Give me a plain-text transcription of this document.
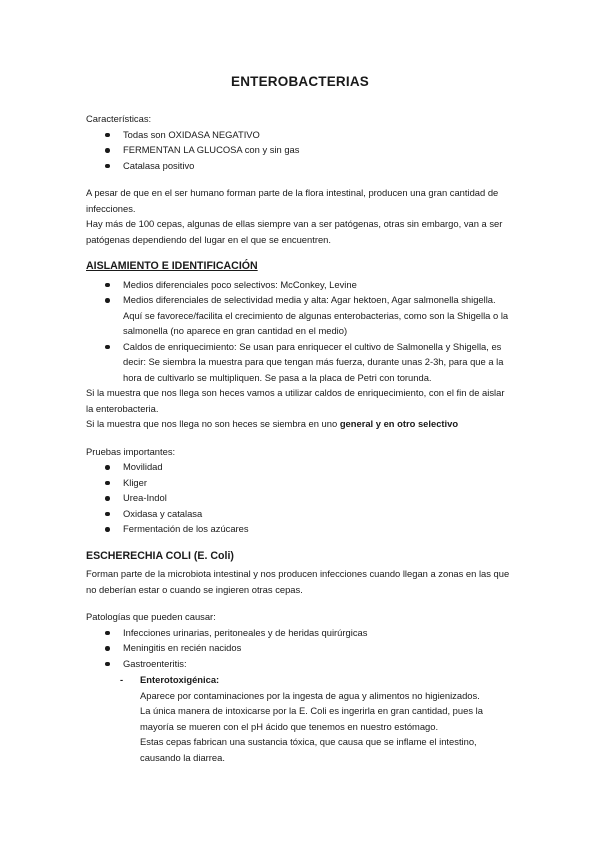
ENTEROBACTERIAS

Características:

Todas son OXIDASA NEGATIVO
FERMENTAN LA GLUCOSA con y sin gas
Catalasa positivo

A pesar de que en el ser humano forman parte de la flora intestinal, producen una gran cantidad de infecciones.

Hay más de 100 cepas, algunas de ellas siempre van a ser patógenas, otras sin embargo, van a ser patógenas dependiendo del lugar en el que se encuentren.

AISLAMIENTO E IDENTIFICACIÓN

Medios diferenciales poco selectivos: McConkey, Levine
Medios diferenciales de selectividad media y alta: Agar hektoen, Agar salmonella shigella. Aquí se favorece/facilita el crecimiento de algunas enterobacterias, como son la Shigella o la salmonella (no aparece en gran cantidad en el medio)
Caldos de enriquecimiento: Se usan para enriquecer el cultivo de Salmonella y Shigella, es decir: Se siembra la muestra para que tengan más fuerza, durante unas 2-3h, para que a la hora de cultivarlo se multipliquen. Se pasa a la placa de Petri con torunda.

Si la muestra que nos llega son heces vamos a utilizar caldos de enriquecimiento, con el fin de aislar la enterobacteria.

Si la muestra que nos llega no son heces se siembra en uno general y en otro selectivo

Pruebas importantes:

Movilidad
Kliger
Urea-Indol
Oxidasa y catalasa
Fermentación de los azúcares

ESCHERECHIA COLI (E. Coli)

Forman parte de la microbiota intestinal y nos producen infecciones cuando llegan a zonas en las que no deberían estar o cuando se ingieren otras cepas.

Patologías que pueden causar:

Infecciones urinarias, peritoneales y de heridas quirúrgicas
Meningitis en recién nacidos
Gastroenteritis:
- Enterotoxigénica:

Aparece por contaminaciones por la ingesta de agua y alimentos no higienizados.

La única manera de intoxicarse por la E. Coli es ingerirla en gran cantidad, pues la mayoría se mueren con el pH ácido que tenemos en nuestro estómago.

Estas cepas fabrican una sustancia tóxica, que causa que se inflame el intestino, causando la diarrea.
